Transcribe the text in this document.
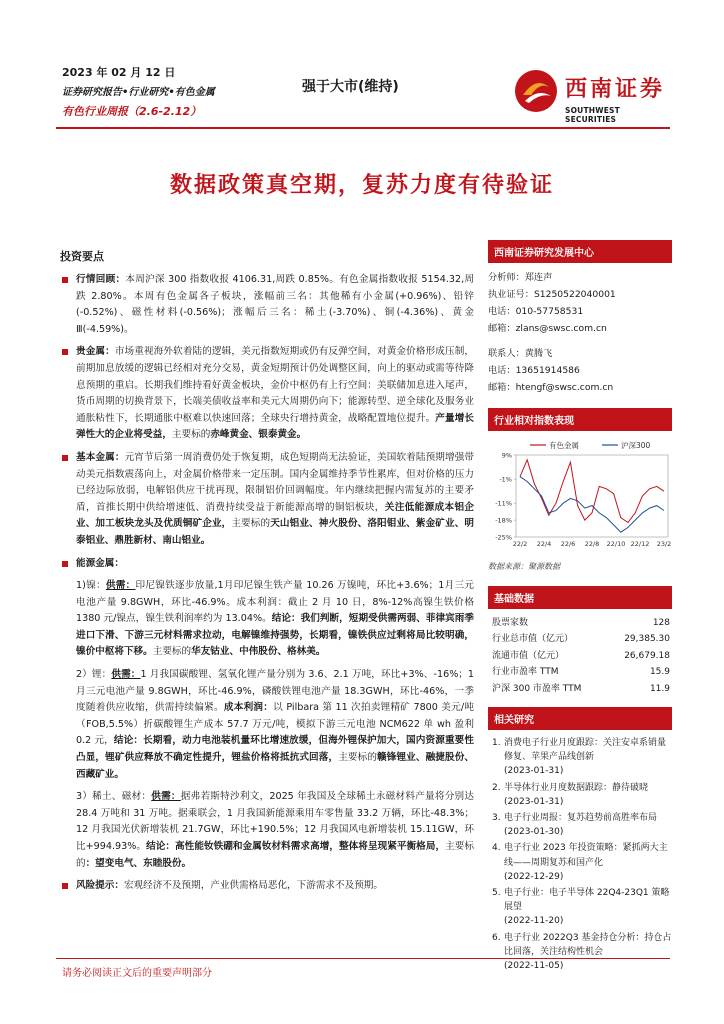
2023 年 02 月 12 日
证券研究报告•行业研究•有色金属
有色行业周报（2.6-2.12）
强于大市(维持)	西南证券
SOUTHWEST SECURITIES
数据政策真空期，复苏力度有待验证
投资要点
行情回顾：本周沪深 300 指数收报 4106.31,周跌 0.85%。有色金属指数收报 5154.32,周跌 2.80%。本周有色金属各子板块，涨幅前三名：其他稀有小金属(+0.96%)、铅锌(-0.52%)、磁性材料(-0.56%)；涨幅后三名：稀土(-3.70%)、铜(-4.36%)、黄金Ⅲ(-4.59%)。
贵金属：市场重视海外软着陆的逻辑，美元指数短期或仍有反弹空间，对黄金价格形成压制，前期加息放缓的逻辑已经相对充分交易，黄金短期预计仍处调整区间，向上的驱动或需等待降息预期的重启。长期我们维持看好黄金板块，金价中枢仍有上行空间：美联储加息进入尾声，货币周期的切换背景下，长端美债收益率和美元大周期仍向下；能源转型、逆全球化及服务业通胀粘性下，长期通胀中枢难以快速回落；全球央行增持黄金，战略配置地位提升。产量增长弹性大的企业将受益，主要标的赤峰黄金、银泰黄金。
基本金属：元宵节后第一周消费仍处于恢复期，成色短期尚无法验证，美国软着陆预期增强带动美元指数震荡向上，对金属价格带来一定压制。国内金属维持季节性累库，但对价格的压力已经边际放弱，电解铝供应干扰再现，限制铝价回调幅度。年内继续把握内需复苏的主要矛盾，首推长期中供给增速低、消费持续受益于新能源高增的铜铝板块，关注低能源成本铝企业、加工板块龙头及优质铜矿企业，主要标的天山铝业、神火股份、洛阳钼业、紫金矿业、明泰铝业、鼎胜新材、南山铝业。
能源金属：
1)镍：供需：印尼镍铁逐步放量,1月印尼镍生铁产量 10.26 万镍吨，环比+3.6%；1月三元电池产量 9.8GWH，环比-46.9%。成本利润：截止 2 月 10 日，8%-12%高镍生铁价格 1380 元/镍点，镍生铁利润率约为 13.04%。结论：我们判断，短期受供需两弱、菲律宾雨季进口下滑、下游三元材料需求拉动，电解镍维持强势，长期看，镍铁供应过剩将局比较明确，镍价中枢将下移。主要标的华友钴业、中伟股份、格林美。
2）锂：供需：1 月我国碳酸锂、氢氧化锂产量分别为 3.6、2.1 万吨，环比+3%、-16%；1 月三元电池产量 9.8GWH，环比-46.9%，磷酸铁锂电池产量 18.3GWH，环比-46%，一季度随着供应收缩，供需持续偏紧。成本利润：以 Pilbara 第 11 次拍卖锂精矿 7800 美元/吨（FOB,5.5%）折碳酸锂生产成本 57.7 万元/吨，模拟下游三元电池 NCM622 单 wh 盈利 0.2 元，结论：长期看，动力电池装机量环比增速放缓，但海外锂保护加大，国内资源重要性凸显，锂矿供应释放不确定性提升，锂盐价格将抵抗式回落，主要标的赣锋锂业、融捷股份、西藏矿业。
3）稀土、磁材：供需：据弗若斯特沙利文，2025 年我国及全球稀土永磁材料产量将分别达 28.4 万吨和 31 万吨。据乘联会，1 月我国新能源乘用车零售量 33.2 万辆，环比-48.3%；12 月我国光伏新增装机 21.7GW，环比+190.5%；12 月我国风电新增装机 15.11GW，环比+994.93%。结论：高性能钕铁硼和金属钕材料需求高增，整体将呈现紧平衡格局，主要标的：望变电气、东睦股份。
风险提示：宏观经济不及预期，产业供需格局恶化，下游需求不及预期。
西南证券研究发展中心
分析师：郑连声
执业证号：S1250522040001
电话：010-57758531
邮箱：zlans@swsc.com.cn
联系人：黄腾飞
电话：13651914586
邮箱：htengf@swsc.com.cn
行业相对指数表现
有色金属	沪深300
9%
-1%
-11%
-18%
-25%
22/2 22/4 22/6 22/8 22/10 22/12 23/2
数据来源：聚源数据
基础数据
股票家数	128
行业总市值（亿元）	29,385.30
流通市值（亿元）	26,679.18
行业市盈率 TTM	15.9
沪深 300 市盈率 TTM	11.9
相关研究
1. 消费电子行业月度跟踪：关注安卓系销量修复、苹果产品线创新
(2023-01-31)
2. 半导体行业月度数据跟踪：静待破晓
(2023-01-31)
3. 电子行业周报：复苏趋势前高胜率布局
(2023-01-30)
4. 电子行业 2023 年投资策略：紧抓两大主线——周期复苏和国产化
(2022-12-29)
5. 电子行业：电子半导体 22Q4-23Q1 策略展望
(2022-11-20)
6. 电子行业 2022Q3 基金持仓分析：持仓占比回落，关注结构性机会
(2022-11-05)
请务必阅读正文后的重要声明部分
